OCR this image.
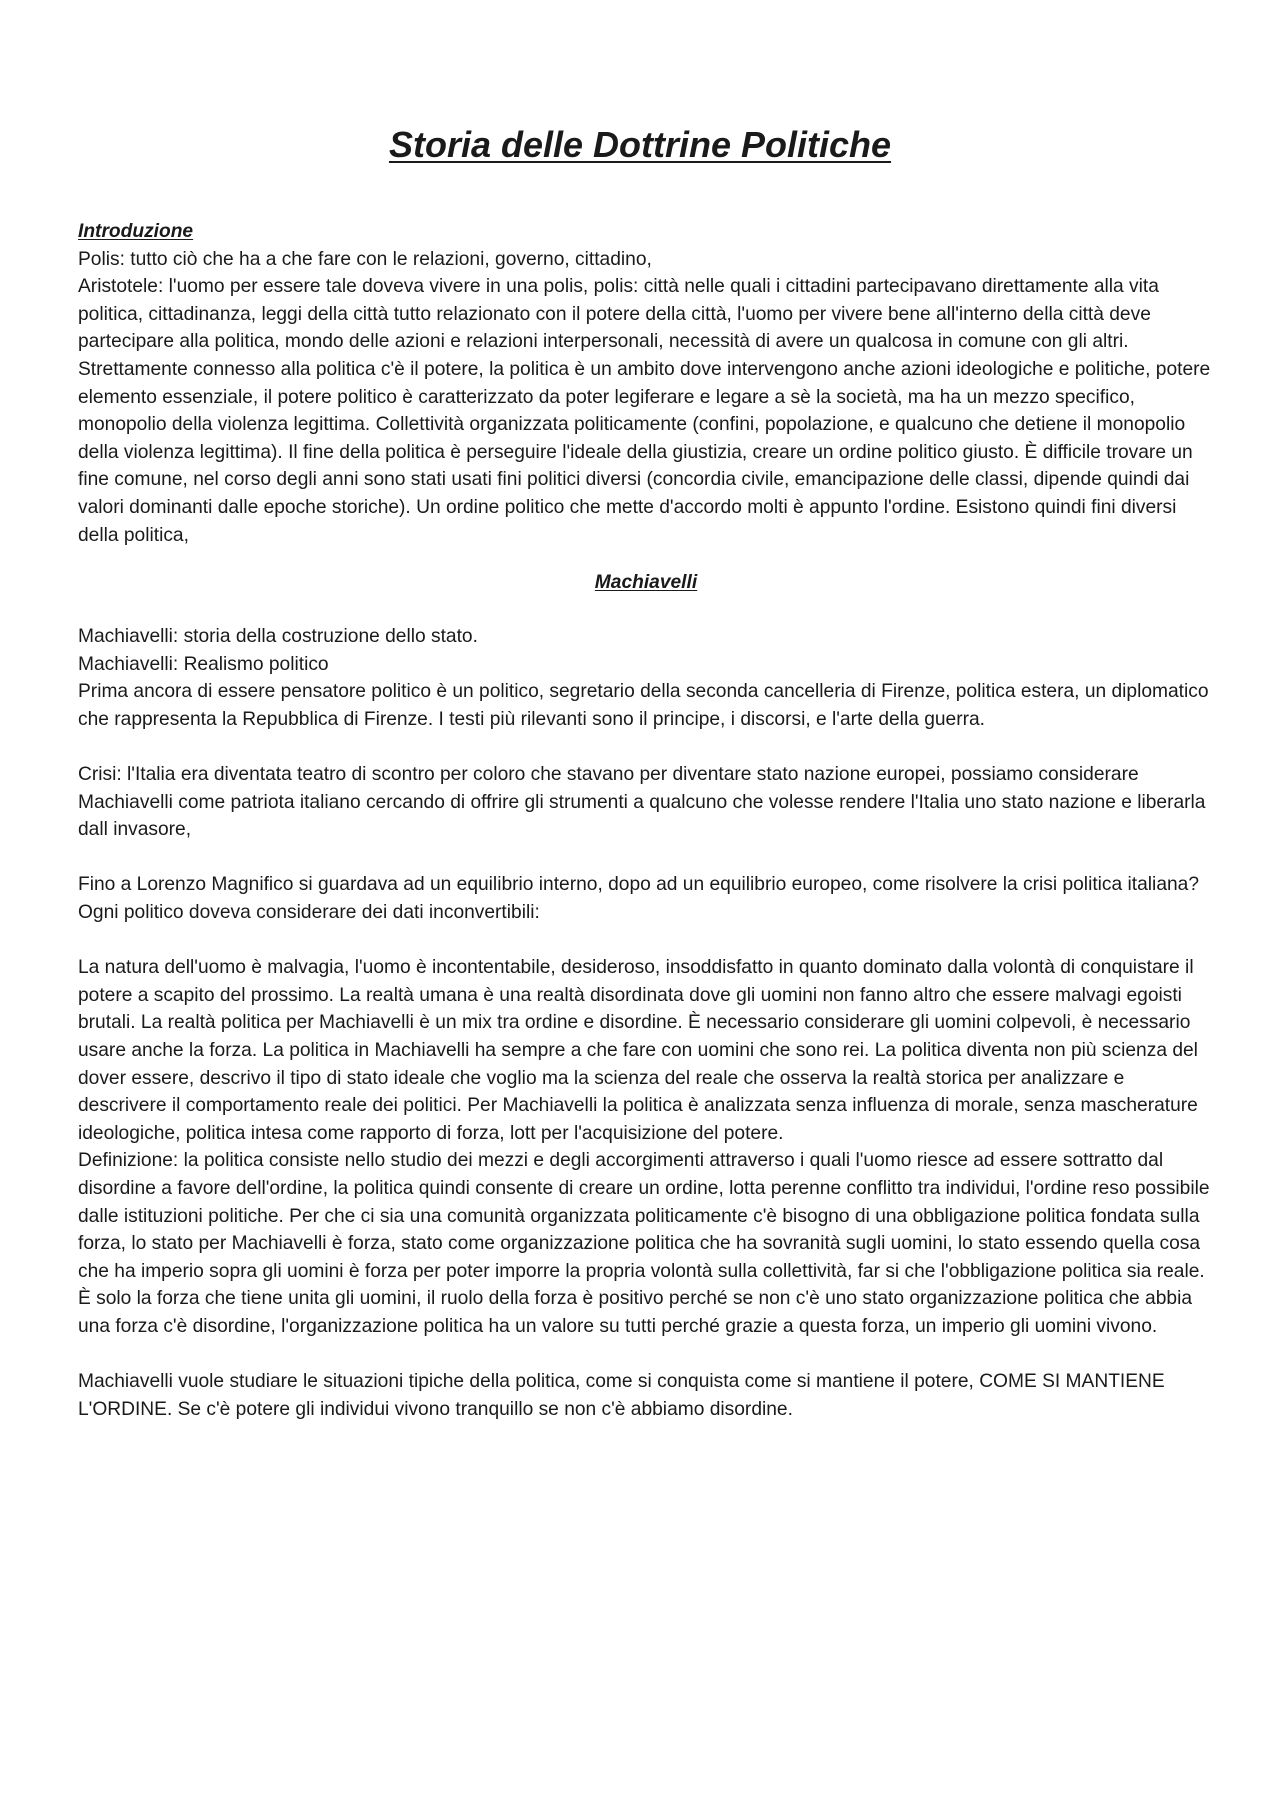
Storia delle Dottrine Politiche

Introduzione

Polis: tutto ciò che ha a che fare con le relazioni, governo, cittadino,

Aristotele: l'uomo per essere tale doveva vivere in una polis, polis: città nelle quali i cittadini partecipavano direttamente alla vita politica, cittadinanza, leggi della città tutto relazionato con il potere della città, l'uomo per vivere bene all'interno della città deve partecipare alla politica, mondo delle azioni e relazioni interpersonali, necessità di avere un qualcosa in comune con gli altri. Strettamente connesso alla politica c'è il potere, la politica è un ambito dove intervengono anche azioni ideologiche e politiche, potere elemento essenziale, il potere politico è caratterizzato da poter legiferare e legare a sè la società, ma ha un mezzo specifico, monopolio della violenza legittima. Collettività organizzata politicamente (confini, popolazione, e qualcuno che detiene il monopolio della violenza legittima). Il fine della politica è perseguire l'ideale della giustizia, creare un ordine politico giusto. È difficile trovare un fine comune, nel corso degli anni sono stati usati fini politici diversi (concordia civile, emancipazione delle classi, dipende quindi dai valori dominanti dalle epoche storiche). Un ordine politico che mette d'accordo molti è appunto l'ordine. Esistono quindi fini diversi della politica,

Machiavelli

Machiavelli: storia della costruzione dello stato.

Machiavelli: Realismo politico

Prima ancora di essere pensatore politico è un politico, segretario della seconda cancelleria di Firenze, politica estera, un diplomatico che rappresenta la Repubblica di Firenze. I testi più rilevanti sono il principe, i discorsi, e l'arte della guerra.

Crisi: l'Italia era diventata teatro di scontro per coloro che stavano per diventare stato nazione europei, possiamo considerare Machiavelli come patriota italiano cercando di offrire gli strumenti a qualcuno che volesse rendere l'Italia uno stato nazione e liberarla dall invasore,

Fino a Lorenzo Magnifico si guardava ad un equilibrio interno, dopo ad un equilibrio europeo, come risolvere la crisi politica italiana? Ogni politico doveva considerare dei dati inconvertibili:

La natura dell'uomo è malvagia, l'uomo è incontentabile, desideroso, insoddisfatto in quanto dominato dalla volontà di conquistare il potere a scapito del prossimo. La realtà umana è una realtà disordinata dove gli uomini non fanno altro che essere malvagi egoisti brutali. La realtà politica per Machiavelli è un mix tra ordine e disordine. È necessario considerare gli uomini colpevoli, è necessario usare anche la forza. La politica in Machiavelli ha sempre a che fare con uomini che sono rei. La politica diventa non più scienza del dover essere, descrivo il tipo di stato ideale che voglio ma la scienza del reale che osserva la realtà storica per analizzare e descrivere il comportamento reale dei politici. Per Machiavelli la politica è analizzata senza influenza di morale, senza mascherature ideologiche, politica intesa come rapporto di forza, lott per l'acquisizione del potere.

Definizione: la politica consiste nello studio dei mezzi e degli accorgimenti attraverso i quali l'uomo riesce ad essere sottratto dal disordine a favore dell'ordine, la politica quindi consente di creare un ordine, lotta perenne conflitto tra individui, l'ordine reso possibile dalle istituzioni politiche. Per che ci sia una comunità organizzata politicamente c'è bisogno di una obbligazione politica fondata sulla forza, lo stato per Machiavelli è forza, stato come organizzazione politica che ha sovranità sugli uomini, lo stato essendo quella cosa che ha imperio sopra gli uomini è forza per poter imporre la propria volontà sulla collettività, far si che l'obbligazione politica sia reale.

È solo la forza che tiene unita gli uomini, il ruolo della forza è positivo perché se non c'è uno stato organizzazione politica che abbia una forza c'è disordine, l'organizzazione politica ha un valore su tutti perché grazie a questa forza, un imperio gli uomini vivono.

Machiavelli vuole studiare le situazioni tipiche della politica, come si conquista come si mantiene il potere, COME SI MANTIENE L'ORDINE. Se c'è potere gli individui vivono tranquillo se non c'è abbiamo disordine.
